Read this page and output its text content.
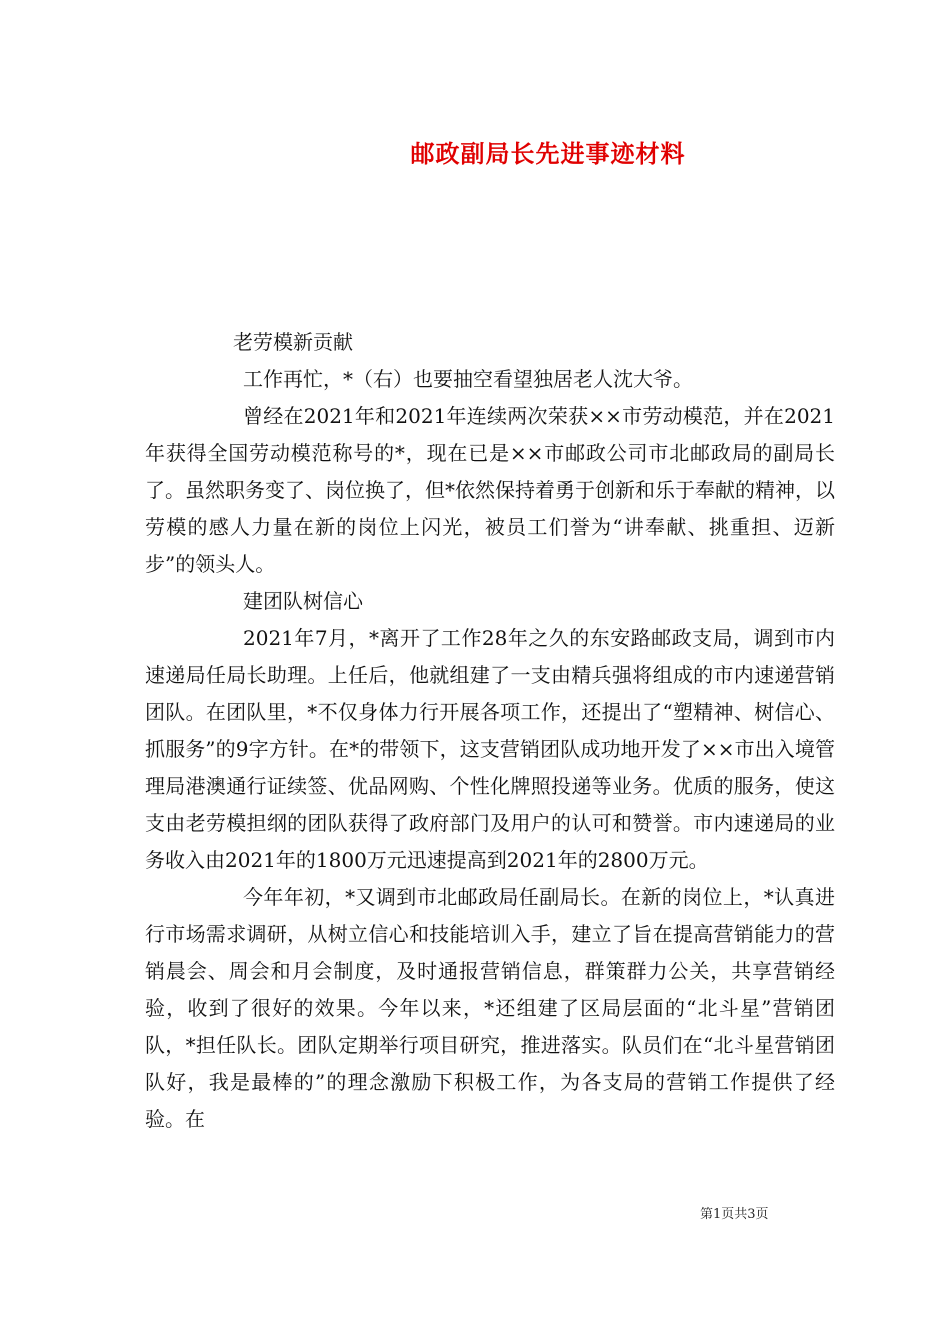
邮政副局长先进事迹材料

老劳模新贡献

工作再忙，*（右）也要抽空看望独居老人沈大爷。

曾经在2021年和2021年连续两次荣获××市劳动模范，并在2021年获得全国劳动模范称号的*，现在已是××市邮政公司市北邮政局的副局长了。虽然职务变了、岗位换了，但*依然保持着勇于创新和乐于奉献的精神，以劳模的感人力量在新的岗位上闪光，被员工们誉为“讲奉献、挑重担、迈新步”的领头人。

建团队树信心

2021年7月，*离开了工作28年之久的东安路邮政支局，调到市内速递局任局长助理。上任后，他就组建了一支由精兵强将组成的市内速递营销团队。在团队里，*不仅身体力行开展各项工作，还提出了“塑精神、树信心、抓服务”的9字方针。在*的带领下，这支营销团队成功地开发了××市出入境管理局港澳通行证续签、优品网购、个性化牌照投递等业务。优质的服务，使这支由老劳模担纲的团队获得了政府部门及用户的认可和赞誉。市内速递局的业务收入由2021年的1800万元迅速提高到2021年的2800万元。

今年年初，*又调到市北邮政局任副局长。在新的岗位上，*认真进行市场需求调研，从树立信心和技能培训入手，建立了旨在提高营销能力的营销晨会、周会和月会制度，及时通报营销信息，群策群力公关，共享营销经验，收到了很好的效果。今年以来，*还组建了区局层面的“北斗星”营销团队，*担任队长。团队定期举行项目研究，推进落实。队员们在“北斗星营销团队好，我是最棒的”的理念激励下积极工作，为各支局的营销工作提供了经验。在

第1页共3页
